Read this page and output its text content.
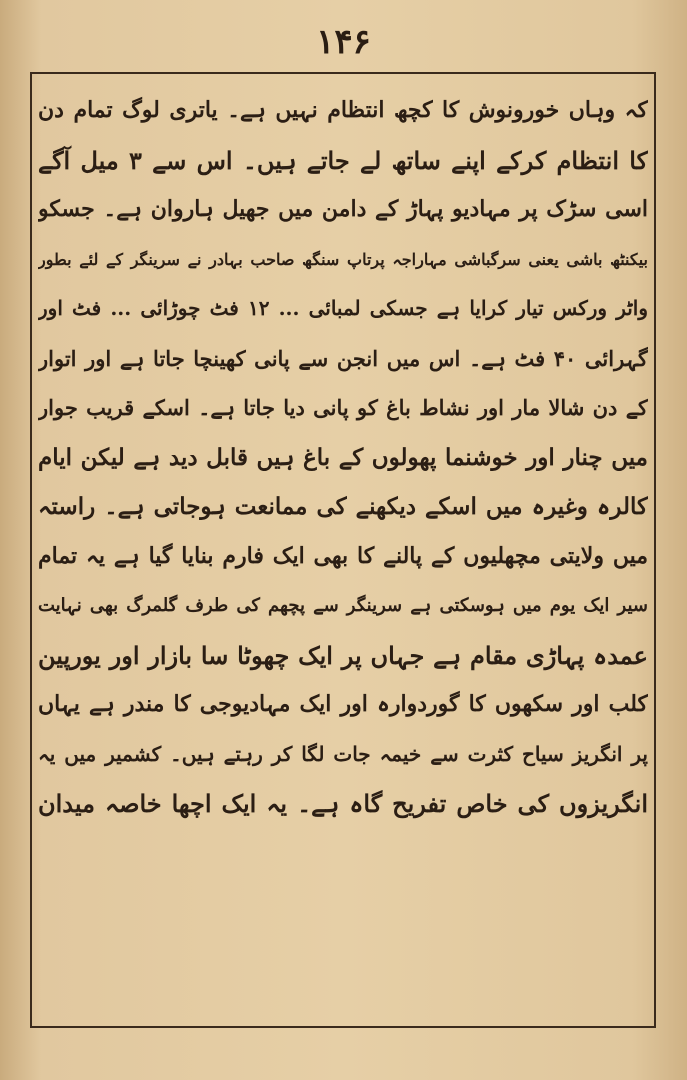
۱۴۶
کہ وہاں خورونوش کا کچھ انتظام نہیں ہے۔ یاتری لوگ تمام دن
کا انتظام کرکے اپنے ساتھ لے جاتے ہیں۔ اس سے ۳ میل آگے
اسی سڑک پر مہادیو پہاڑ کے دامن میں جھیل ہاروان ہے۔ جسکو
بیکنٹھ باشی یعنی سرگباشی مہاراجہ پرتاپ سنگھ صاحب بہادر نے سرینگر کے لئے بطور
واٹر ورکس تیار کرایا ہے جسکی لمبائی ... ۱۲ فٹ چوڑائی ... فٹ اور
گہرائی ۴۰ فٹ ہے۔ اس میں انجن سے پانی کھینچا جاتا ہے اور اتوار
کے دن شالا مار اور نشاط باغ کو پانی دیا جاتا ہے۔ اسکے قریب جوار
میں چنار اور خوشنما پھولوں کے باغ ہیں قابل دید ہے لیکن ایام
کالرہ وغیرہ میں اسکے دیکھنے کی ممانعت ہوجاتی ہے۔ راستہ
میں ولایتی مچھلیوں کے پالنے کا بھی ایک فارم بنایا گیا ہے یہ تمام
سیر ایک یوم میں ہوسکتی ہے سرینگر سے پچھم کی طرف گلمرگ بھی نہایت
عمدہ پہاڑی مقام ہے جہاں پر ایک چھوٹا سا بازار اور یورپین
کلب اور سکھوں کا گوردوارہ اور ایک مہادیوجی کا مندر ہے یہاں
پر انگریز سیاح کثرت سے خیمہ جات لگا کر رہتے ہیں۔ کشمیر میں یہ
انگریزوں کی خاص تفریح گاہ ہے۔ یہ ایک اچھا خاصہ میدان
